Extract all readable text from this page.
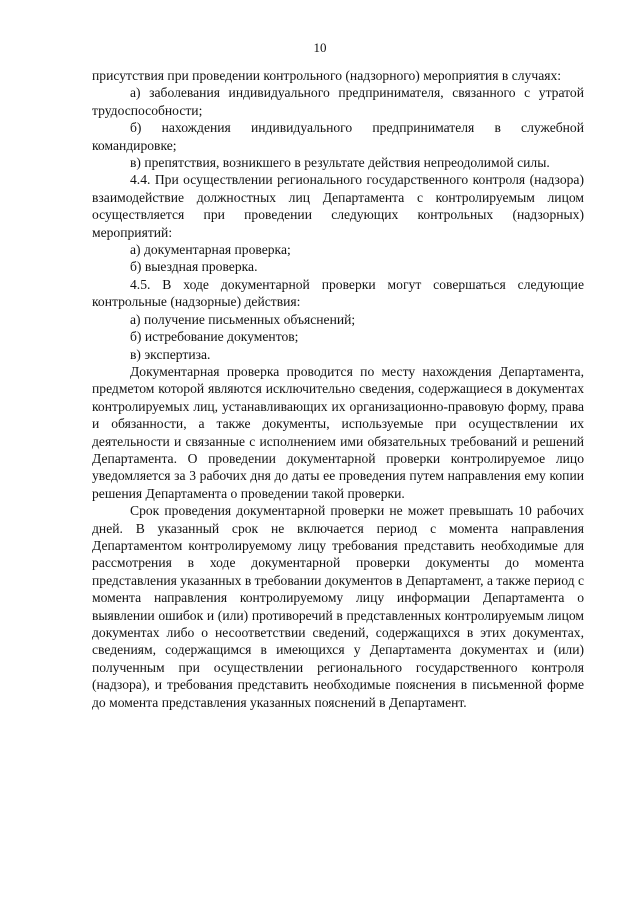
10

присутствия при проведении контрольного (надзорного) мероприятия в случаях:

а) заболевания индивидуального предпринимателя, связанного с утратой трудоспособности;

б) нахождения индивидуального предпринимателя в служебной командировке;

в) препятствия, возникшего в результате действия непреодолимой силы.

4.4. При осуществлении регионального государственного контроля (надзора) взаимодействие должностных лиц Департамента с контролируемым лицом осуществляется при проведении следующих контрольных (надзорных) мероприятий:

а) документарная проверка;

б) выездная проверка.

4.5. В ходе документарной проверки могут совершаться следующие контрольные (надзорные) действия:

а) получение письменных объяснений;

б) истребование документов;

в) экспертиза.

Документарная проверка проводится по месту нахождения Департамента, предметом которой являются исключительно сведения, содержащиеся в документах контролируемых лиц, устанавливающих их организационно-правовую форму, права и обязанности, а также документы, используемые при осуществлении их деятельности и связанные с исполнением ими обязательных требований и решений Департамента. О проведении документарной проверки контролируемое лицо уведомляется за 3 рабочих дня до даты ее проведения путем направления ему копии решения Департамента о проведении такой проверки.

Срок проведения документарной проверки не может превышать 10 рабочих дней. В указанный срок не включается период с момента направления Департаментом контролируемому лицу требования представить необходимые для рассмотрения в ходе документарной проверки документы до момента представления указанных в требовании документов в Департамент, а также период с момента направления контролируемому лицу информации Департамента о выявлении ошибок и (или) противоречий в представленных контролируемым лицом документах либо о несоответствии сведений, содержащихся в этих документах, сведениям, содержащимся в имеющихся у Департамента документах и (или) полученным при осуществлении регионального государственного контроля (надзора), и требования представить необходимые пояснения в письменной форме до момента представления указанных пояснений в Департамент.
